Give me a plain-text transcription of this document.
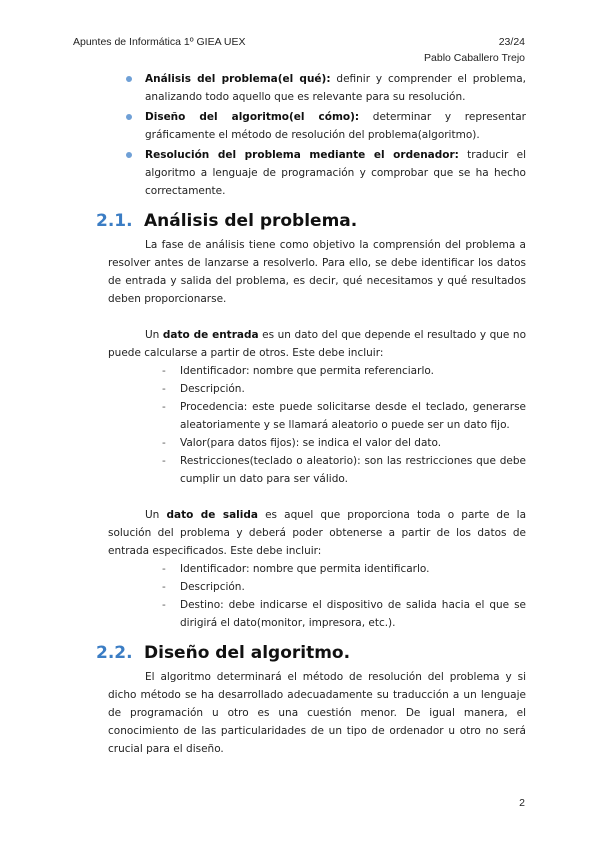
Apuntes de Informática 1º GIEA UEX	23/24
Pablo Caballero Trejo
Análisis del problema(el qué): definir y comprender el problema, analizando todo aquello que es relevante para su resolución.
Diseño del algoritmo(el cómo): determinar y representar gráficamente el método de resolución del problema(algoritmo).
Resolución del problema mediante el ordenador: traducir el algoritmo a lenguaje de programación y comprobar que se ha hecho correctamente.
2.1. Análisis del problema.

La fase de análisis tiene como objetivo la comprensión del problema a resolver antes de lanzarse a resolverlo. Para ello, se debe identificar los datos de entrada y salida del problema, es decir, qué necesitamos y qué resultados deben proporcionarse.

Un dato de entrada es un dato del que depende el resultado y que no puede calcularse a partir de otros. Este debe incluir:

- Identificador: nombre que permita referenciarlo.
- Descripción.
- Procedencia: este puede solicitarse desde el teclado, generarse aleatoriamente y se llamará aleatorio o puede ser un dato fijo.
- Valor(para datos fijos): se indica el valor del dato.
- Restricciones(teclado o aleatorio): son las restricciones que debe cumplir un dato para ser válido.

Un dato de salida es aquel que proporciona toda o parte de la solución del problema y deberá poder obtenerse a partir de los datos de entrada especificados. Este debe incluir:

- Identificador: nombre que permita identificarlo.
- Descripción.
- Destino: debe indicarse el dispositivo de salida hacia el que se dirigirá el dato(monitor, impresora, etc.).
2.2. Diseño del algoritmo.

El algoritmo determinará el método de resolución del problema y si dicho método se ha desarrollado adecuadamente su traducción a un lenguaje de programación u otro es una cuestión menor. De igual manera, el conocimiento de las particularidades de un tipo de ordenador u otro no será crucial para el diseño.

2
